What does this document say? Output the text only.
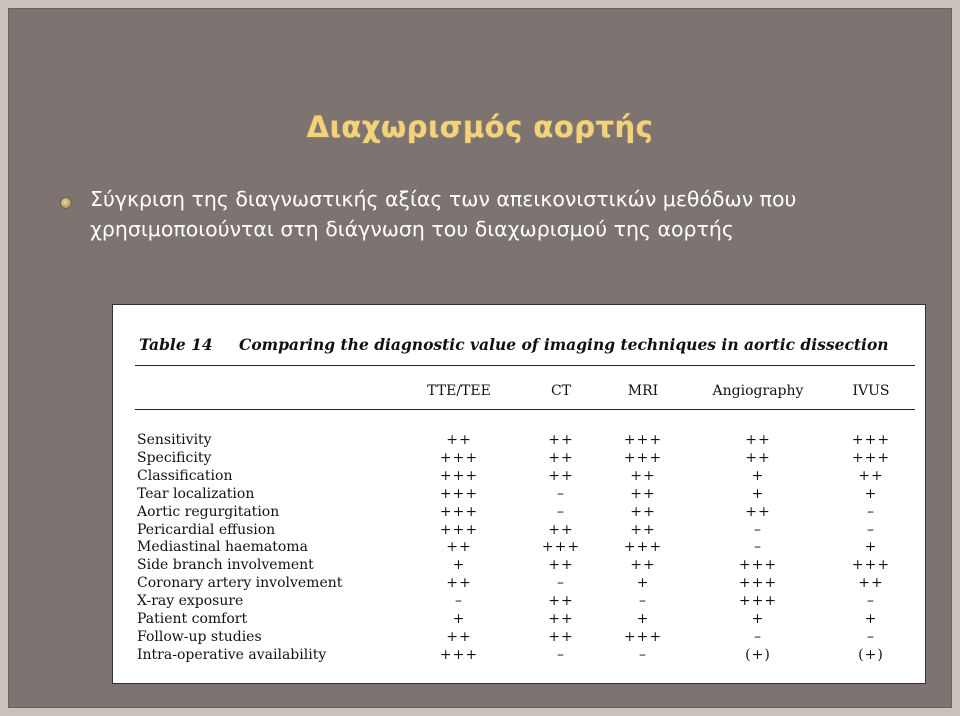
Διαχωρισμός αορτής
Σύγκριση της διαγνωστικής αξίας των απεικονιστικών μεθόδων που
χρησιμοποιούνται στη διάγνωση του διαχωρισμού της αορτής
Table 14 Comparing the diagnostic value of imaging techniques in aortic dissection
TTE/TEE	CT	MRI	Angiography	IVUS
Sensitivity	++	++	+++	++	+++
Specificity	+++	++	+++	++	+++
Classification	+++	++	++	+	++
Tear localization	+++	–	++	+	+
Aortic regurgitation	+++	–	++	++	–
Pericardial effusion	+++	++	++	–	–
Mediastinal haematoma	++	+++	+++	–	+
Side branch involvement	+	++	++	+++	+++
Coronary artery involvement	++	–	+	+++	++
X-ray exposure	–	++	–	+++	–
Patient comfort	+	++	+	+	+
Follow-up studies	++	++	+++	–	–
Intra-operative availability	+++	–	–	(+)	(+)
